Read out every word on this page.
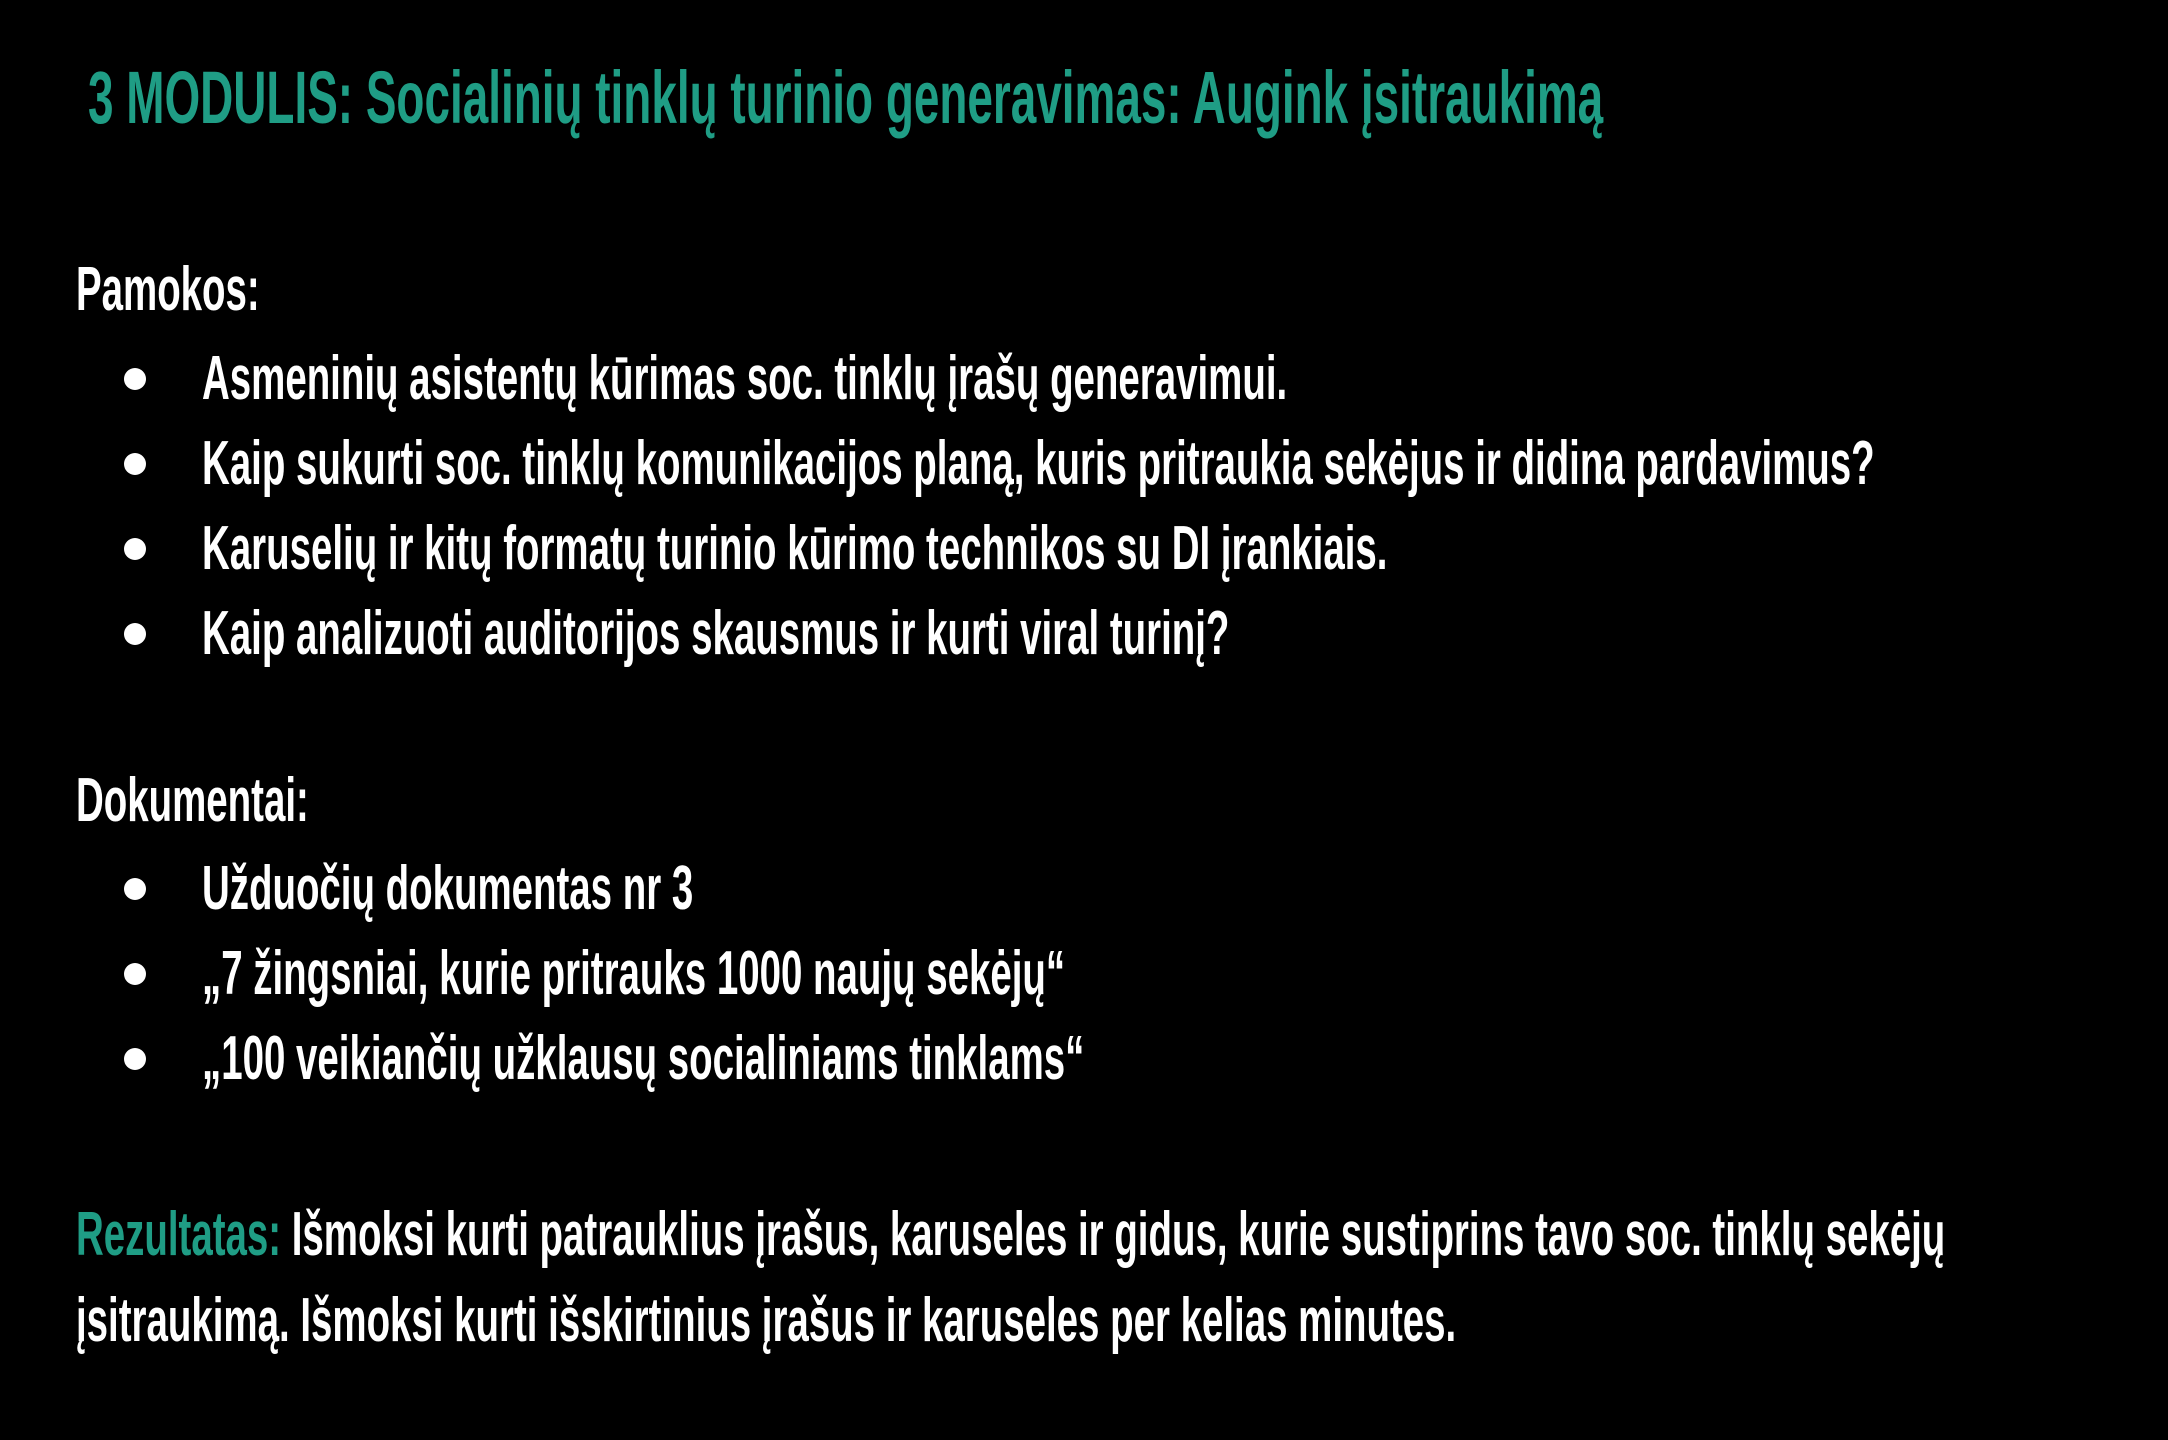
3 MODULIS: Socialinių tinklų turinio generavimas: Augink įsitraukimą
Pamokos:
Asmeninių asistentų kūrimas soc. tinklų įrašų generavimui.
Kaip sukurti soc. tinklų komunikacijos planą, kuris pritraukia sekėjus ir didina pardavimus?
Karuselių ir kitų formatų turinio kūrimo technikos su DI įrankiais.
Kaip analizuoti auditorijos skausmus ir kurti viral turinį?
Dokumentai:
Užduočių dokumentas nr 3
„7 žingsniai, kurie pritrauks 1000 naujų sekėjų“
„100 veikiančių užklausų socialiniams tinklams“
Rezultatas: Išmoksi kurti patrauklius įrašus, karuseles ir gidus, kurie sustiprins tavo soc. tinklų sekėjų
įsitraukimą. Išmoksi kurti išskirtinius įrašus ir karuseles per kelias minutes.
